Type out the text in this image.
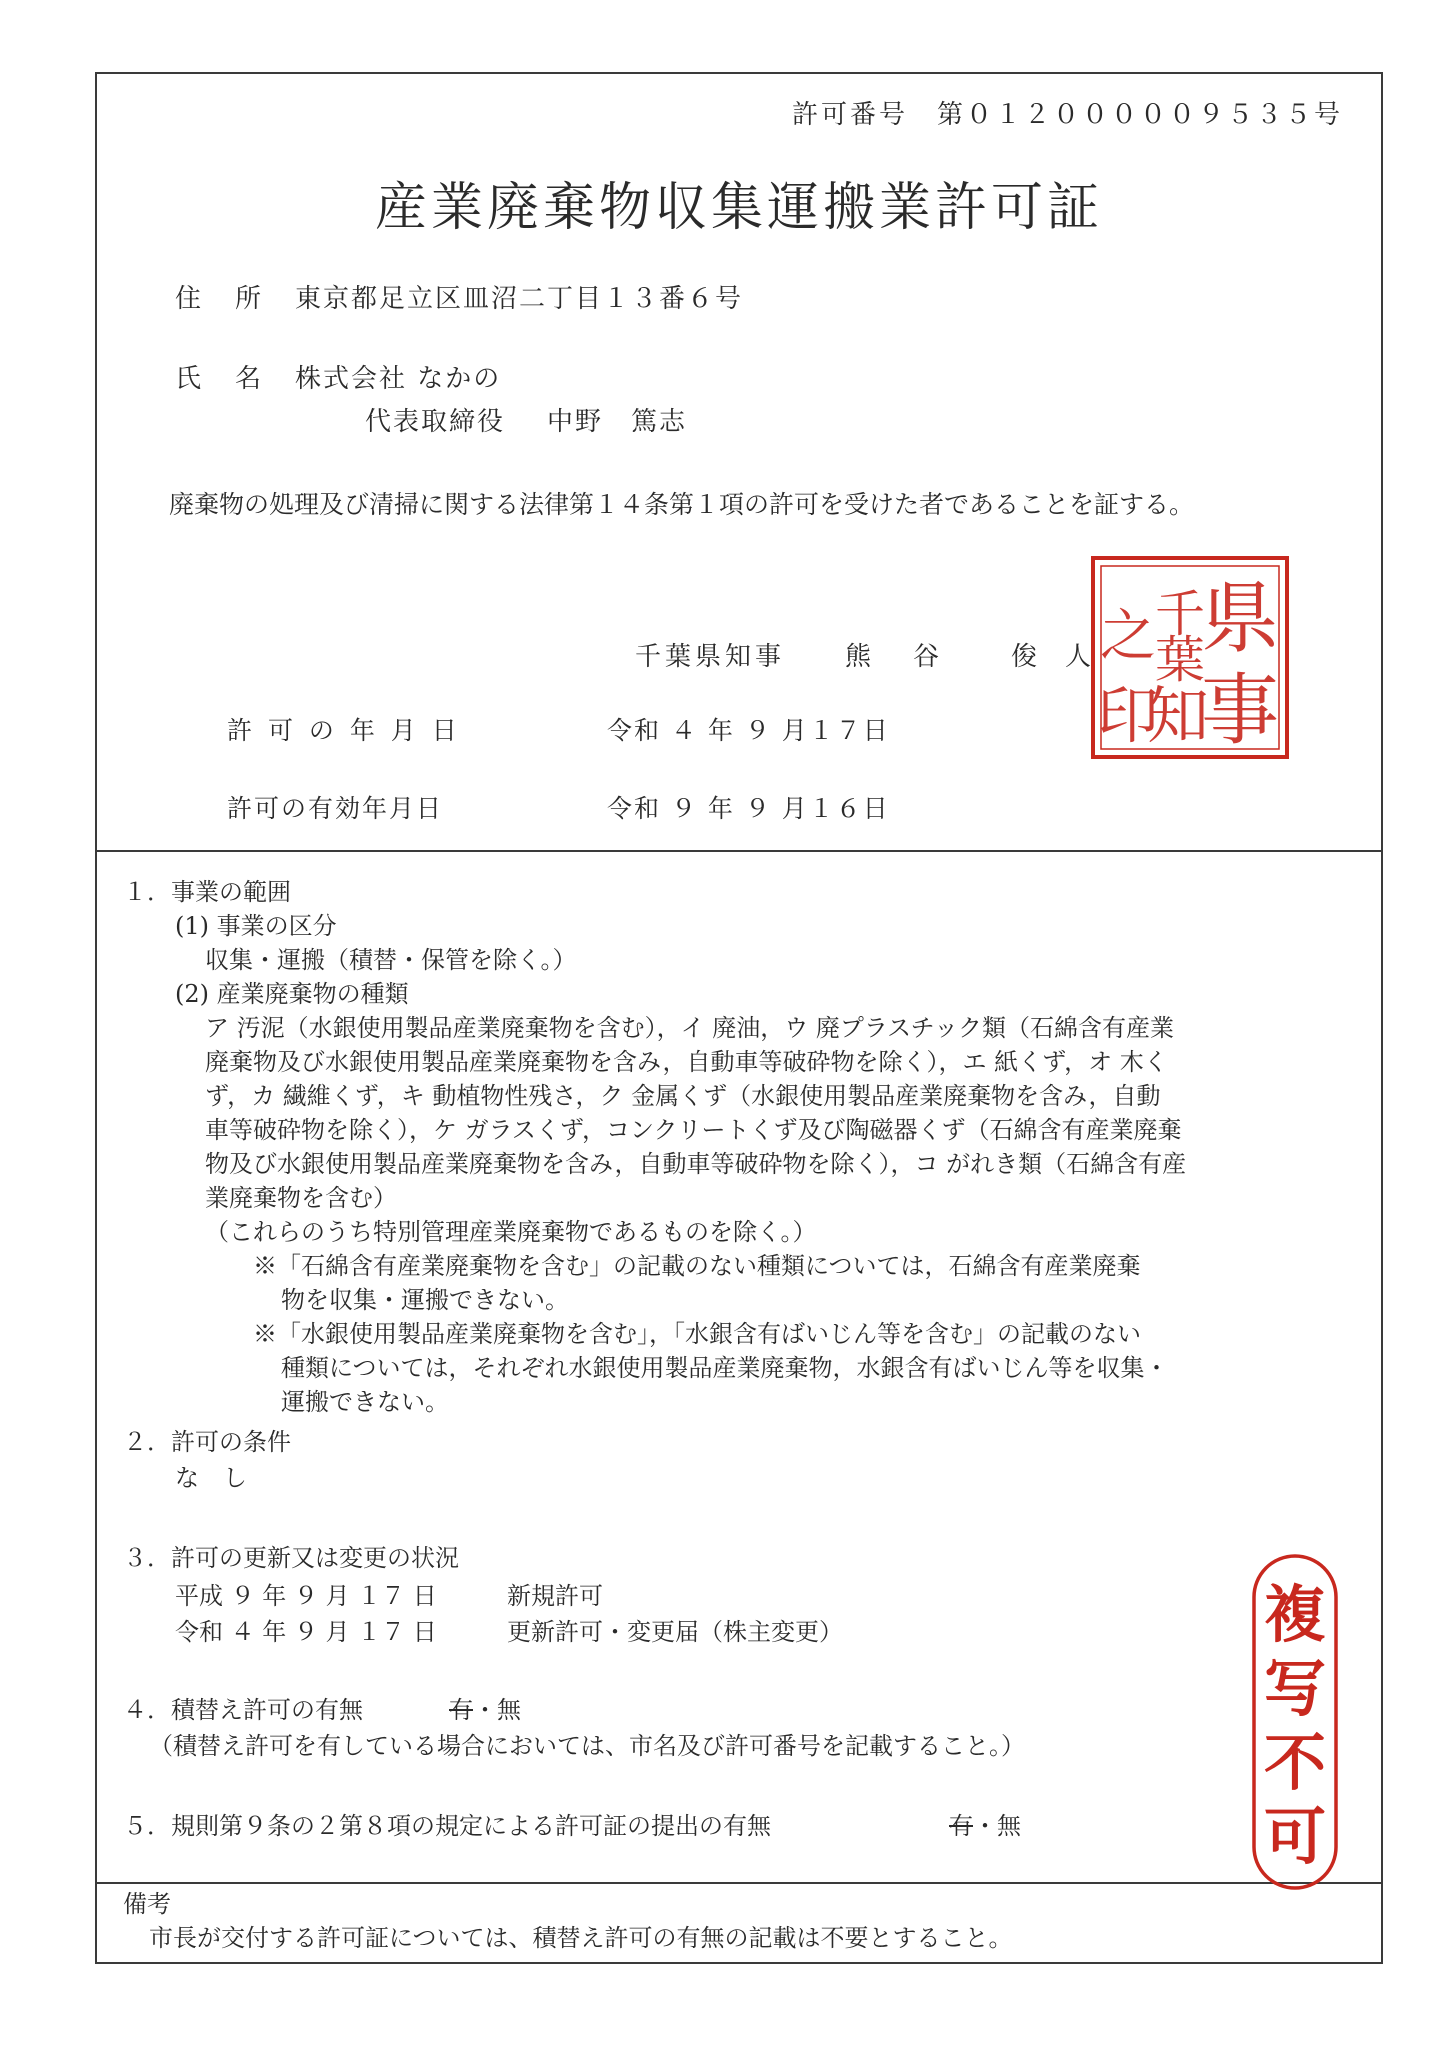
許可番号　 第０１２０００００９５３５号
産業廃棄物収集運搬業許可証
住　所 東京都足立区皿沼二丁目１３番６号
氏　名 株式会社 なかの
代表取締役 中野　篤志
廃棄物の処理及び清掃に関する法律第１４条第１項の許可を受けた者であることを証する。
千葉県知事 熊 谷	俊 人
許 可 の 年 月 日	令和 ４ 年 ９ 月１７日
許可の有効年月日	令和 ９ 年 ９ 月１６日
１．事業の範囲
(1) 事業の区分
収集・運搬（積替・保管を除く。）
(2) 産業廃棄物の種類
ア 汚泥（水銀使用製品産業廃棄物を含む），イ 廃油，ウ 廃プラスチック類（石綿含有産業
廃棄物及び水銀使用製品産業廃棄物を含み，自動車等破砕物を除く），エ 紙くず，オ 木く
ず，カ 繊維くず，キ 動植物性残さ，ク 金属くず（水銀使用製品産業廃棄物を含み，自動
車等破砕物を除く），ケ ガラスくず，コンクリートくず及び陶磁器くず（石綿含有産業廃棄
物及び水銀使用製品産業廃棄物を含み，自動車等破砕物を除く），コ がれき類（石綿含有産
業廃棄物を含む）
（これらのうち特別管理産業廃棄物であるものを除く。）
※「石綿含有産業廃棄物を含む」の記載のない種類については，石綿含有産業廃棄
物を収集・運搬できない。
※「水銀使用製品産業廃棄物を含む」，「水銀含有ばいじん等を含む」の記載のない
種類については，それぞれ水銀使用製品産業廃棄物，水銀含有ばいじん等を収集・
運搬できない。
２．許可の条件
な　し
３．許可の更新又は変更の状況
平成 ９ 年 ９ 月 １７ 日	新規許可
令和 ４ 年 ９ 月 １７ 日	更新許可・変更届（株主変更）
４．積替え許可の有無	有・無
（積替え許可を有している場合においては、市名及び許可番号を記載すること。）
５．規則第９条の２第８項の規定による許可証の提出の有無	有・無
備考
市長が交付する許可証については、積替え許可の有無の記載は不要とすること。
県
事
千
葉
知
之
印
複
写
不
可
